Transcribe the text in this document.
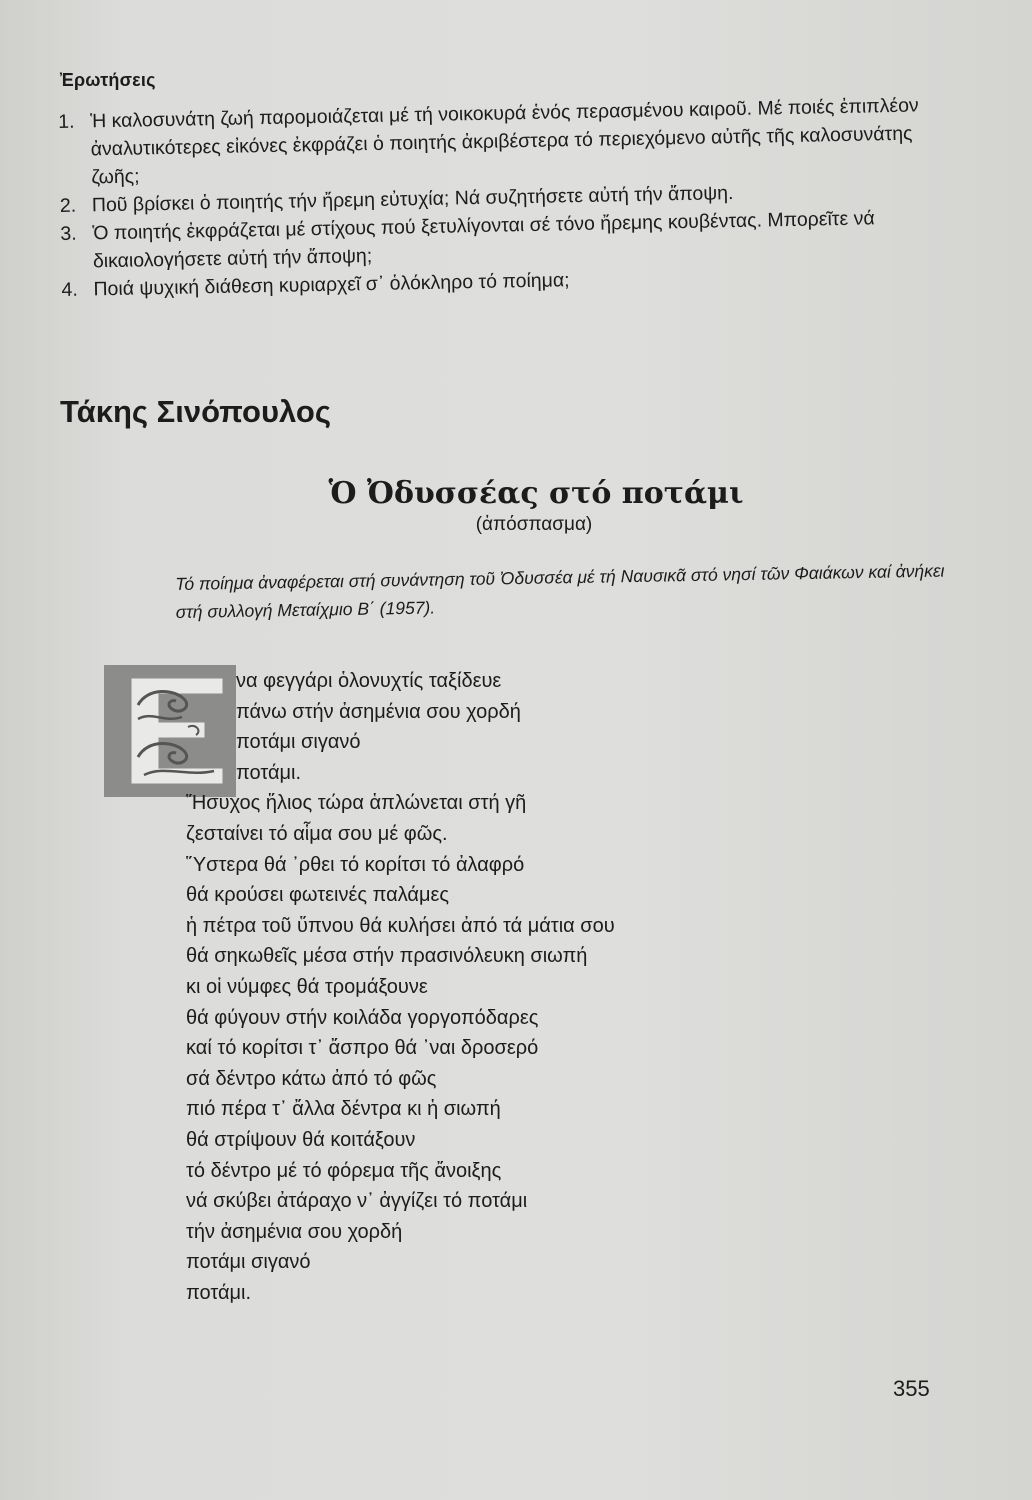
Ἐρωτήσεις
1. Ἡ καλοσυνάτη ζωή παρομοιάζεται μέ τή νοικοκυρά ἑνός περασμένου καιροῦ. Μέ ποιές ἐπιπλέον ἀναλυτικότερες εἰκόνες ἐκφράζει ὁ ποιητής ἀκριβέστερα τό περιεχόμενο αὐτῆς τῆς καλοσυνάτης ζωῆς;
2. Ποῦ βρίσκει ὁ ποιητής τήν ἤρεμη εὐτυχία; Νά συζητήσετε αὐτή τήν ἄποψη.
3. Ὁ ποιητής ἐκφράζεται μέ στίχους πού ξετυλίγονται σέ τόνο ἤρεμης κουβέντας. Μπορεῖτε νά δικαιολογήσετε αὐτή τήν ἄποψη;
4. Ποιά ψυχική διάθεση κυριαρχεῖ σ᾽ ὁλόκληρο τό ποίημα;
Τάκης Σινόπουλος
Ὁ Ὀδυσσέας στό ποτάμι
(ἀπόσπασμα)
Τό ποίημα ἀναφέρεται στή συνάντηση τοῦ Ὀδυσσέα μέ τή Ναυσικᾶ στό νησί τῶν Φαιάκων καί ἀνήκει στή συλλογή Μεταίχμιο Β΄ (1957).
να φεγγάρι ὁλονυχτίς ταξίδευε
πάνω στήν ἀσημένια σου χορδή
ποτάμι σιγανό
ποτάμι.
Ἥσυχος ἥλιος τώρα ἁπλώνεται στή γῆ
ζεσταίνει τό αἷμα σου μέ φῶς.
Ὕστερα θά ᾽ρθει τό κορίτσι τό ἀλαφρό
θά κρούσει φωτεινές παλάμες
ἡ πέτρα τοῦ ὕπνου θά κυλήσει ἀπό τά μάτια σου
θά σηκωθεῖς μέσα στήν πρασινόλευκη σιωπή
κι οἱ νύμφες θά τρομάξουνε
θά φύγουν στήν κοιλάδα γοργοπόδαρες
καί τό κορίτσι τ᾽ ἄσπρο θά ᾽ναι δροσερό
σά δέντρο κάτω ἀπό τό φῶς
πιό πέρα τ᾽ ἄλλα δέντρα κι ἡ σιωπή
θά στρίψουν θά κοιτάξουν
τό δέντρο μέ τό φόρεμα τῆς ἄνοιξης
νά σκύβει ἀτάραχο ν᾽ ἀγγίζει τό ποτάμι
τήν ἀσημένια σου χορδή
ποτάμι σιγανό
ποτάμι.
355
